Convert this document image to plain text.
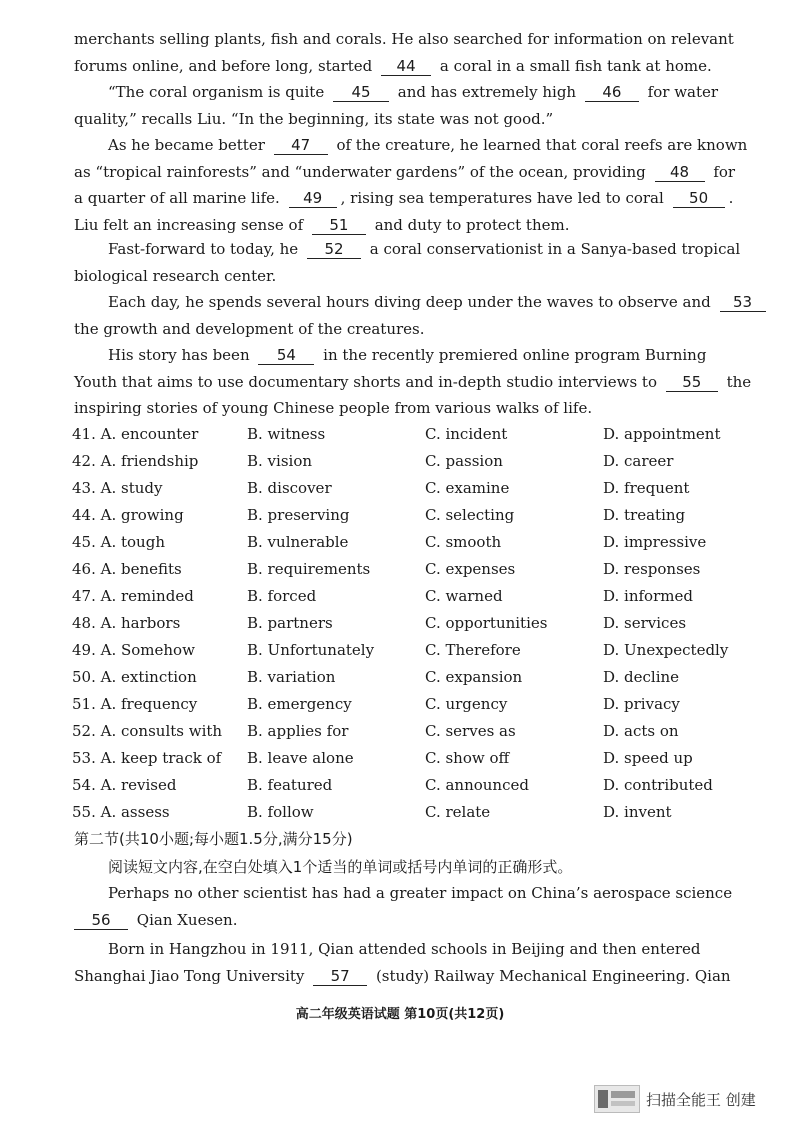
merchants selling plants, fish and corals. He also searched for information on relevant
forums online, and before long, started 44 a coral in a small fish tank at home.
“The coral organism is quite 45 and has extremely high 46 for water
quality,” recalls Liu. “In the beginning, its state was not good.”
As he became better 47 of the creature, he learned that coral reefs are known
as “tropical rainforests” and “underwater gardens” of the ocean, providing 48 for
a quarter of all marine life. 49 , rising sea temperatures have led to coral 50 .
Liu felt an increasing sense of 51 and duty to protect them.
Fast-forward to today, he 52 a coral conservationist in a Sanya-based tropical
biological research center.
Each day, he spends several hours diving deep under the waves to observe and 53
the growth and development of the creatures.
His story has been 54 in the recently premiered online program Burning
Youth that aims to use documentary shorts and in-depth studio interviews to 55 the
inspiring stories of young Chinese people from various walks of life.
41. A. encounter	B. witness	C. incident	D. appointment
42. A. friendship	B. vision	C. passion	D. career
43. A. study	B. discover	C. examine	D. frequent
44. A. growing	B. preserving	C. selecting	D. treating
45. A. tough	B. vulnerable	C. smooth	D. impressive
46. A. benefits	B. requirements	C. expenses	D. responses
47. A. reminded	B. forced	C. warned	D. informed
48. A. harbors	B. partners	C. opportunities	D. services
49. A. Somehow	B. Unfortunately	C. Therefore	D. Unexpectedly
50. A. extinction	B. variation	C. expansion	D. decline
51. A. frequency	B. emergency	C. urgency	D. privacy
52. A. consults with	B. applies for	C. serves as	D. acts on
53. A. keep track of	B. leave alone	C. show off	D. speed up
54. A. revised	B. featured	C. announced	D. contributed
55. A. assess	B. follow	C. relate	D. invent
第二节(共10小题;每小题1.5分,满分15分)
阅读短文内容,在空白处填入1个适当的单词或括号内单词的正确形式。
Perhaps no other scientist has had a greater impact on China’s aerospace science
56 Qian Xuesen.
Born in Hangzhou in 1911, Qian attended schools in Beijing and then entered
Shanghai Jiao Tong University 57 (study) Railway Mechanical Engineering. Qian
高二年级英语试题 第10页(共12页)
扫描全能王 创建
